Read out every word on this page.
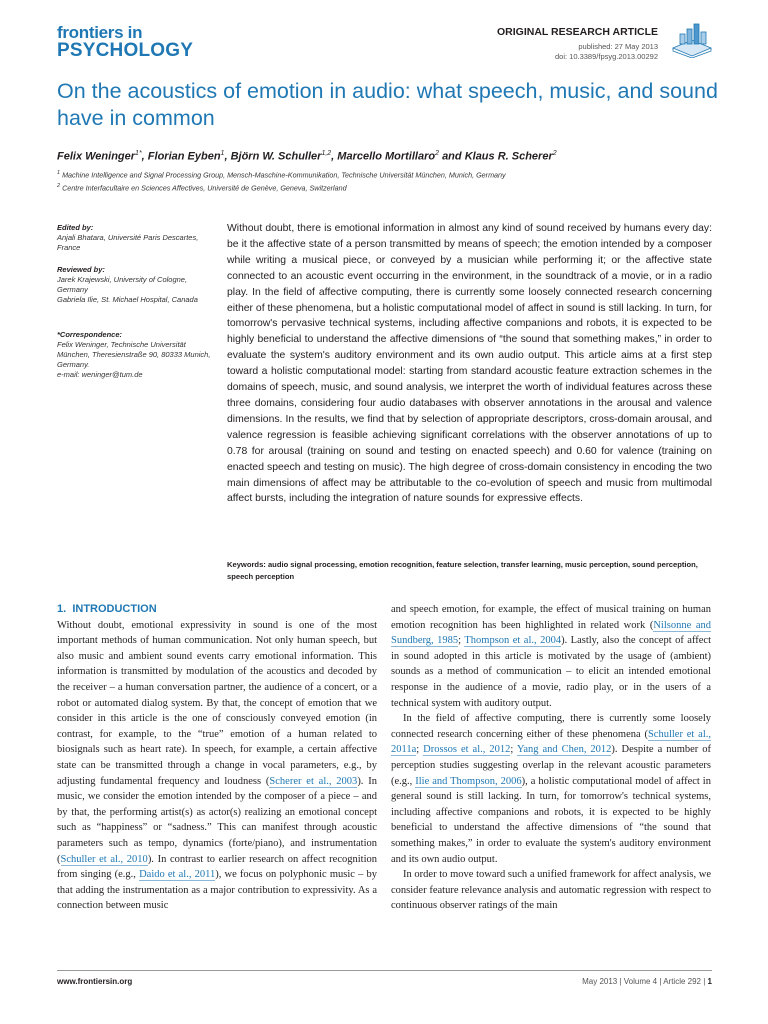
frontiers in
PSYCHOLOGY
ORIGINAL RESEARCH ARTICLE
published: 27 May 2013
doi: 10.3389/fpsyg.2013.00292
On the acoustics of emotion in audio: what speech, music, and sound have in common
Felix Weninger$^{1*}$, Florian Eyben$^1$, Björn W. Schuller$^{1,2}$, Marcello Mortillaro$^2$ and Klaus R. Scherer$^2$
$^1$ Machine Intelligence and Signal Processing Group, Mensch-Maschine-Kommunikation, Technische Universität München, Munich, Germany
$^2$ Centre Interfacultaire en Sciences Affectives, Université de Genève, Geneva, Switzerland
Edited by:
Anjali Bhatara, Université Paris Descartes, France
Reviewed by:
Jarek Krajewski, University of Cologne, Germany
Gabriela Ilie, St. Michael Hospital, Canada
*Correspondence:
Felix Weninger, Technische Universität München, Theresienstraße 90, 80333 Munich, Germany.
e-mail: weninger@tum.de
Without doubt, there is emotional information in almost any kind of sound received by humans every day: be it the affective state of a person transmitted by means of speech; the emotion intended by a composer while writing a musical piece, or conveyed by a musician while performing it; or the affective state connected to an acoustic event occurring in the environment, in the soundtrack of a movie, or in a radio play. In the field of affective computing, there is currently some loosely connected research concerning either of these phenomena, but a holistic computational model of affect in sound is still lacking. In turn, for tomorrow's pervasive technical systems, including affective companions and robots, it is expected to be highly beneficial to understand the affective dimensions of “the sound that something makes,” in order to evaluate the system's auditory environment and its own audio output. This article aims at a first step toward a holistic computational model: starting from standard acoustic feature extraction schemes in the domains of speech, music, and sound analysis, we interpret the worth of individual features across these three domains, considering four audio databases with observer annotations in the arousal and valence dimensions. In the results, we find that by selection of appropriate descriptors, cross-domain arousal, and valence regression is feasible achieving significant correlations with the observer annotations of up to 0.78 for arousal (training on sound and testing on enacted speech) and 0.60 for valence (training on enacted speech and testing on music). The high degree of cross-domain consistency in encoding the two main dimensions of affect may be attributable to the co-evolution of speech and music from multimodal affect bursts, including the integration of nature sounds for expressive effects.
Keywords: audio signal processing, emotion recognition, feature selection, transfer learning, music perception, sound perception, speech perception
1. INTRODUCTION

Without doubt, emotional expressivity in sound is one of the most important methods of human communication. Not only human speech, but also music and ambient sound events carry emotional information. This information is transmitted by modulation of the acoustics and decoded by the receiver – a human conversation partner, the audience of a concert, or a robot or automated dialog system. By that, the concept of emotion that we consider in this article is the one of consciously conveyed emotion (in contrast, for example, to the “true” emotion of a human related to biosignals such as heart rate). In speech, for example, a certain affective state can be transmitted through a change in vocal parameters, e.g., by adjusting fundamental frequency and loudness (Scherer et al., 2003). In music, we consider the emotion intended by the composer of a piece – and by that, the performing artist(s) as actor(s) realizing an emotional concept such as “happiness” or “sadness.” This can manifest through acoustic parameters such as tempo, dynamics (forte/piano), and instrumentation (Schuller et al., 2010). In contrast to earlier research on affect recognition from singing (e.g., Daido et al., 2011), we focus on polyphonic music – by that adding the instrumentation as a major contribution to expressivity. As a connection between music

and speech emotion, for example, the effect of musical training on human emotion recognition has been highlighted in related work (Nilsonne and Sundberg, 1985; Thompson et al., 2004). Lastly, also the concept of affect in sound adopted in this article is motivated by the usage of (ambient) sounds as a method of communication – to elicit an intended emotional response in the audience of a movie, radio play, or in the users of a technical system with auditory output.

In the field of affective computing, there is currently some loosely connected research concerning either of these phenomena (Schuller et al., 2011a; Drossos et al., 2012; Yang and Chen, 2012). Despite a number of perception studies suggesting overlap in the relevant acoustic parameters (e.g., Ilie and Thompson, 2006), a holistic computational model of affect in general sound is still lacking. In turn, for tomorrow's technical systems, including affective companions and robots, it is expected to be highly beneficial to understand the affective dimensions of “the sound that something makes,” in order to evaluate the system's auditory environment and its own audio output.

In order to move toward such a unified framework for affect analysis, we consider feature relevance analysis and automatic regression with respect to continuous observer ratings of the main

www.frontiersin.org	May 2013 | Volume 4 | Article 292 | 1
